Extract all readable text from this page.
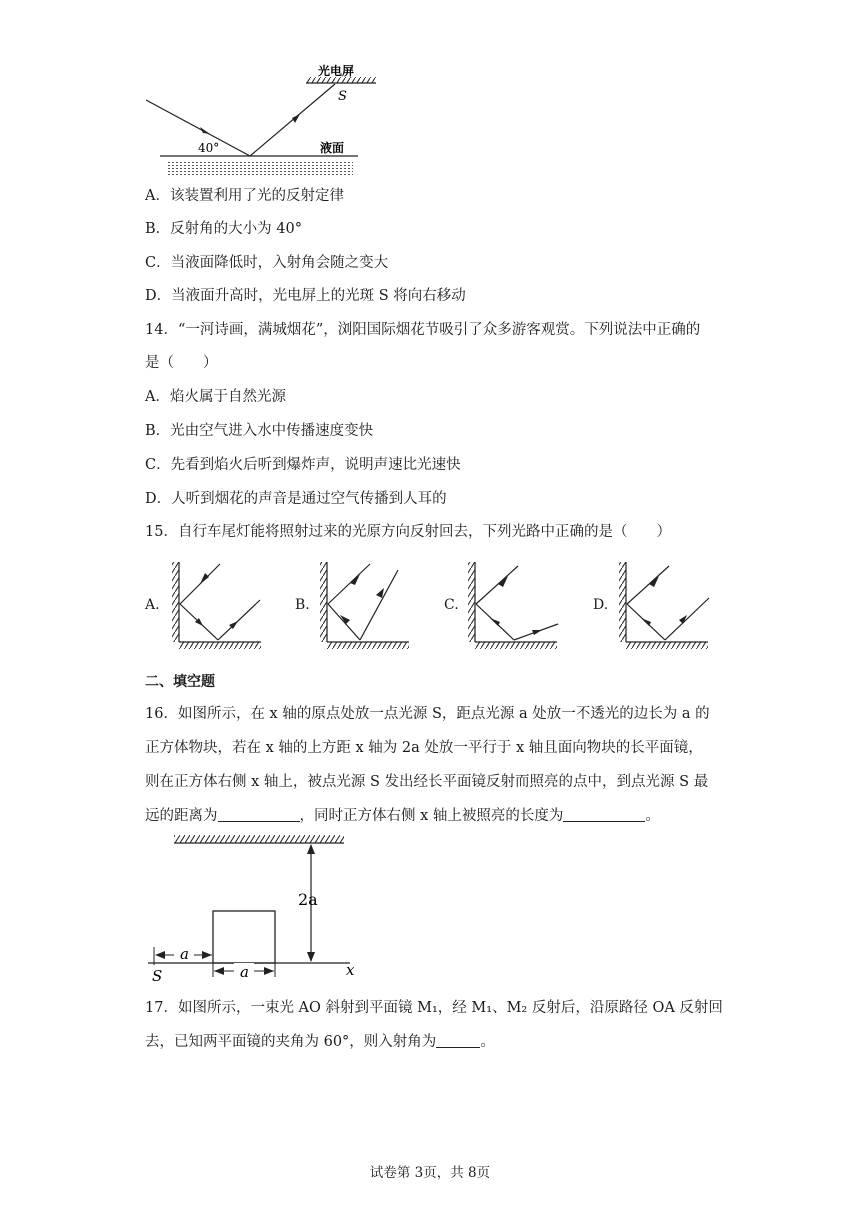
光电屏
S
40°	液面
A．该装置利用了光的反射定律
B．反射角的大小为 40°
C．当液面降低时，入射角会随之变大
D．当液面升高时，光电屏上的光斑 S 将向右移动
14．“一河诗画，满城烟花”，浏阳国际烟花节吸引了众多游客观赏。下列说法中正确的
是（　　）
A．焰火属于自然光源
B．光由空气进入水中传播速度变快
C．先看到焰火后听到爆炸声，说明声速比光速快
D．人听到烟花的声音是通过空气传播到人耳的
15．自行车尾灯能将照射过来的光原方向反射回去，下列光路中正确的是（　　）
A.	B.	C.	D.
二、填空题
16．如图所示，在 x 轴的原点处放一点光源 S，距点光源 a 处放一不透光的边长为 a 的
正方体物块，若在 x 轴的上方距 x 轴为 2a 处放一平行于 x 轴且面向物块的长平面镜，
则在正方体右侧 x 轴上，被点光源 S 发出经长平面镜反射而照亮的点中，到点光源 S 最
远的距离为	，同时正方体右侧 x 轴上被照亮的长度为	。
2a
a
a
S	x
17．如图所示，一束光 AO 斜射到平面镜 M₁，经 M₁、M₂ 反射后，沿原路径 OA 反射回
去，已知两平面镜的夹角为 60°，则入射角为	。
试卷第 3页，共 8页
